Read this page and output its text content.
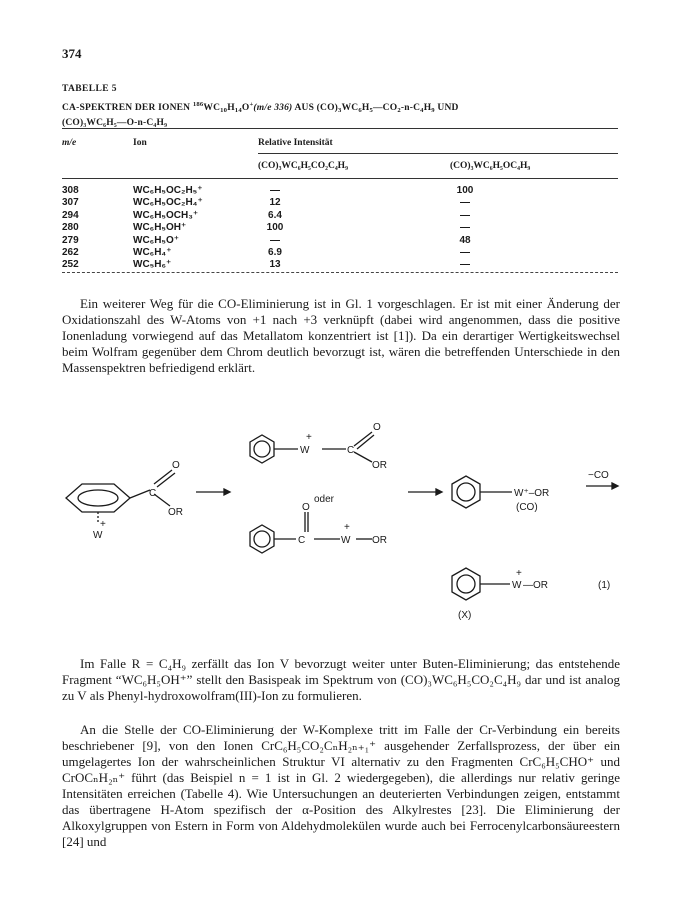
374
TABELLE 5
CA-SPEKTREN DER IONEN $^{186}WC_{10}H_{14}O^+(m/e$ 336) AUS $(CO)_3WC_6H_5—CO_2-n-C_4H_9$ UND
(CO)₃WC₆H₅—O-n-C₄H₉
m/e	Ion	Relative Intensität
(CO)₃WC₆H₅CO₂C₄H₉	(CO)₃WC₆H₅OC₄H₉
308	WC₆H₅OC₂H₅⁺	—	100
307	WC₆H₅OC₂H₄⁺	12	—
294	WC₆H₅OCH₃⁺	6.4	—
280	WC₆H₅OH⁺	100	—
279	WC₆H₅O⁺	—	48
262	WC₆H₄⁺	6.9	—
252	WC₅H₆⁺	13	—
Ein weiterer Weg für die CO-Eliminierung ist in Gl. 1 vorgeschlagen. Er ist mit einer Änderung der Oxidationszahl des W-Atoms von +1 nach +3 verknüpft (dabei wird angenommen, dass die positive Ionenladung vorwiegend auf das Metallatom konzentriert ist [1]). Da ein derartiger Wertigkeitswechsel beim Wolfram gegenüber dem Chrom deutlich bevorzugt ist, wären die betreffenden Unterschiede in den Massenspektren befriedigend erklärt.
W
+
C
O
OR
O
C
OR
+
W
oder
W⁺–OR
(CO)
−CO
O
C
+
W OR
+
W —OR	(1)
(X)
Im Falle R = C₄H₉ zerfällt das Ion V bevorzugt weiter unter Buten-Eliminierung; das entstehende Fragment “WC₆H₅OH⁺” stellt den Basispeak im Spektrum von (CO)₃WC₆H₅CO₂C₄H₉ dar und ist analog zu V als Phenyl-hydroxowolfram(III)-Ion zu formulieren.
An die Stelle der CO-Eliminierung der W-Komplexe tritt im Falle der Cr-Verbindung ein bereits beschriebener [9], von den Ionen CrC₆H₅CO₂CₙH₂ₙ₊₁⁺ ausgehender Zerfallsprozess, der über ein umgelagertes Ion der wahrscheinlichen Struktur VI alternativ zu den Fragmenten CrC₆H₅CHO⁺ und CrOCₙH₂ₙ⁺ führt (das Beispiel n = 1 ist in Gl. 2 wiedergegeben), die allerdings nur relativ geringe Intensitäten erreichen (Tabelle 4). Wie Untersuchungen an deuterierten Verbindungen zeigen, entstammt das übertragene H-Atom spezifisch der α-Position des Alkylrestes [23]. Die Eliminierung der Alkoxylgruppen von Estern in Form von Aldehydmolekülen wurde auch bei Ferrocenylcarbonsäureestern [24] und
